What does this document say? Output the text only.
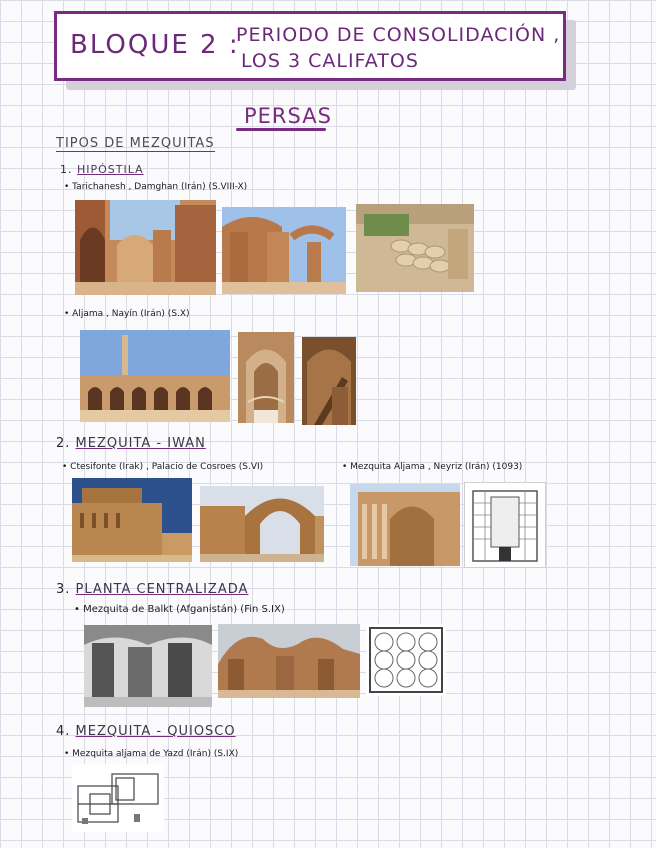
BLOQUE 2 :
PERIODO DE CONSOLIDACIÓN ,
LOS 3 CALIFATOS
PERSAS
TIPOS DE MEZQUITAS
1. HIPÓSTILA
• Tarichanesh , Damghan (Irán) (S.VIII-X)
• Aljama , Nayín (Irán) (S.X)
2. MEZQUITA - IWAN
• Ctesifonte (Irak) , Palacio de Cosroes (S.VI)	• Mezquita Aljama , Neyriz (Irán) (1093)
3. PLANTA CENTRALIZADA
• Mezquita de Balkt (Afganistán) (Fin S.IX)
4. MEZQUITA - QUIOSCO
• Mezquita aljama de Yazd (Irán) (S.IX)
